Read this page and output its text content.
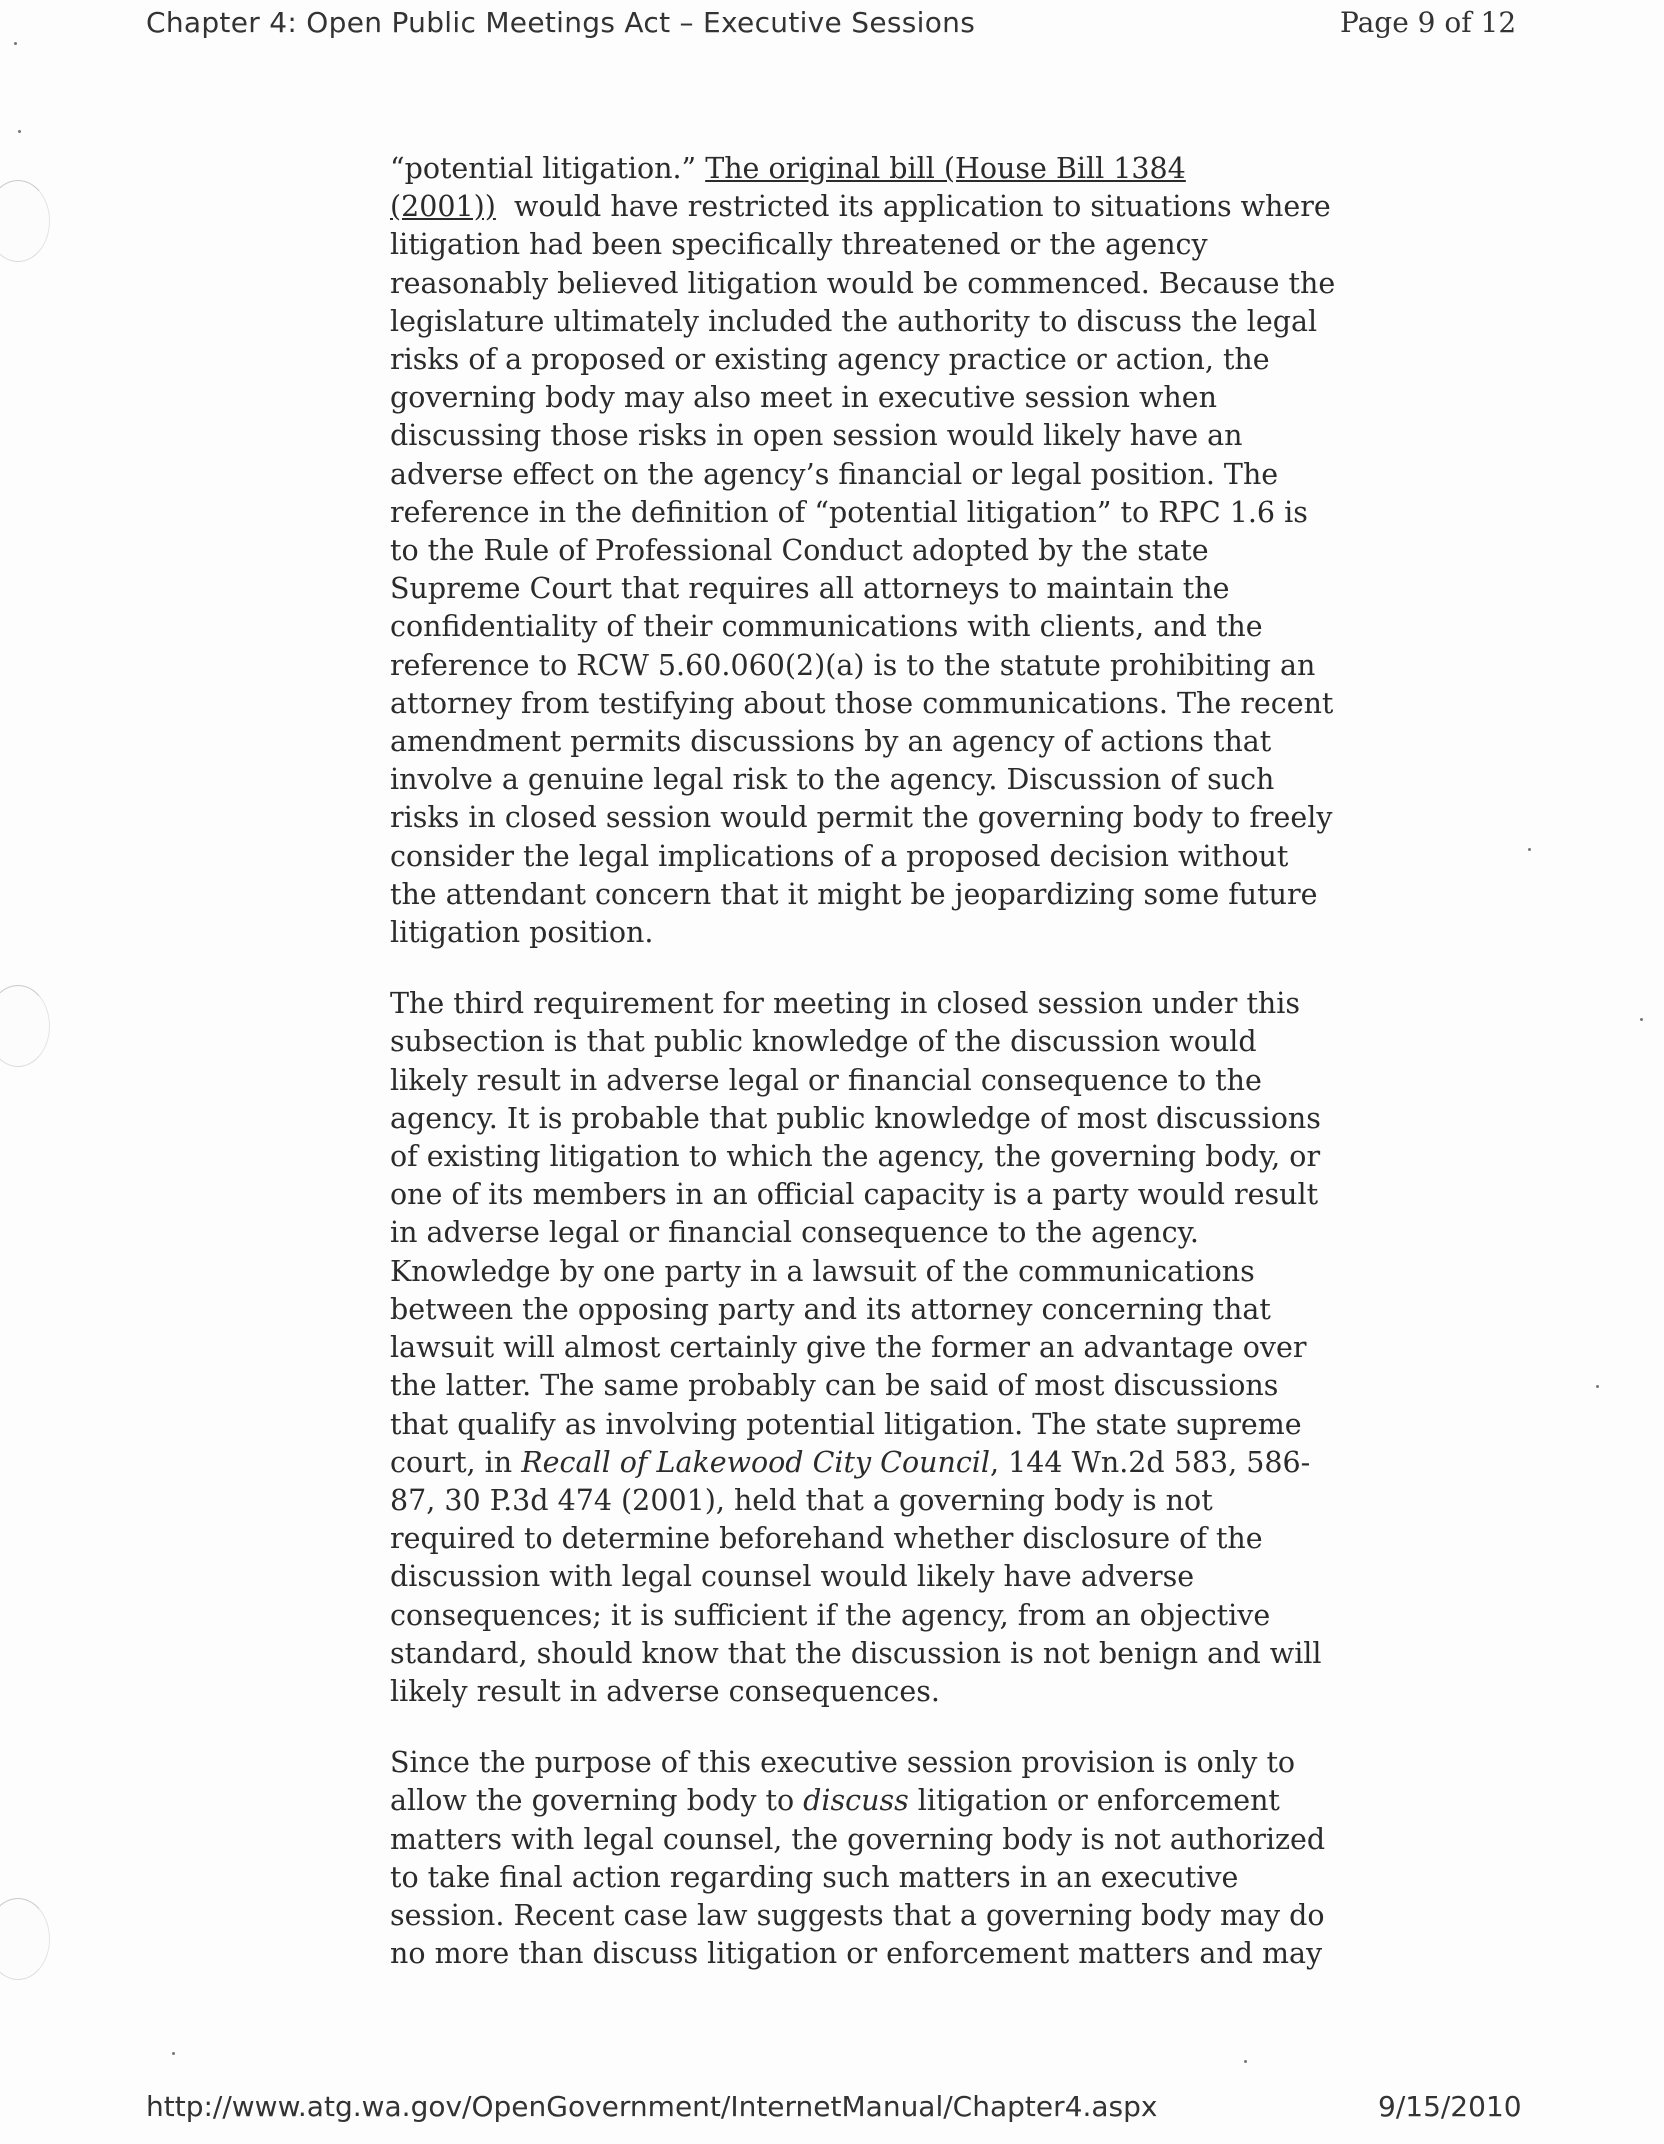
Chapter 4: Open Public Meetings Act – Executive Sessions	Page 9 of 12
“potential litigation.” The original bill (House Bill 1384
(2001))  would have restricted its application to situations where
litigation had been specifically threatened or the agency
reasonably believed litigation would be commenced. Because the
legislature ultimately included the authority to discuss the legal
risks of a proposed or existing agency practice or action, the
governing body may also meet in executive session when
discussing those risks in open session would likely have an
adverse effect on the agency’s financial or legal position. The
reference in the definition of “potential litigation” to RPC 1.6 is
to the Rule of Professional Conduct adopted by the state
Supreme Court that requires all attorneys to maintain the
confidentiality of their communications with clients, and the
reference to RCW 5.60.060(2)(a) is to the statute prohibiting an
attorney from testifying about those communications. The recent
amendment permits discussions by an agency of actions that
involve a genuine legal risk to the agency. Discussion of such
risks in closed session would permit the governing body to freely
consider the legal implications of a proposed decision without
the attendant concern that it might be jeopardizing some future
litigation position.
The third requirement for meeting in closed session under this
subsection is that public knowledge of the discussion would
likely result in adverse legal or financial consequence to the
agency. It is probable that public knowledge of most discussions
of existing litigation to which the agency, the governing body, or
one of its members in an official capacity is a party would result
in adverse legal or financial consequence to the agency.
Knowledge by one party in a lawsuit of the communications
between the opposing party and its attorney concerning that
lawsuit will almost certainly give the former an advantage over
the latter. The same probably can be said of most discussions
that qualify as involving potential litigation. The state supreme
court, in Recall of Lakewood City Council, 144 Wn.2d 583, 586-
87, 30 P.3d 474 (2001), held that a governing body is not
required to determine beforehand whether disclosure of the
discussion with legal counsel would likely have adverse
consequences; it is sufficient if the agency, from an objective
standard, should know that the discussion is not benign and will
likely result in adverse consequences.
Since the purpose of this executive session provision is only to
allow the governing body to discuss litigation or enforcement
matters with legal counsel, the governing body is not authorized
to take final action regarding such matters in an executive
session. Recent case law suggests that a governing body may do
no more than discuss litigation or enforcement matters and may
http://www.atg.wa.gov/OpenGovernment/InternetManual/Chapter4.aspx	9/15/2010
